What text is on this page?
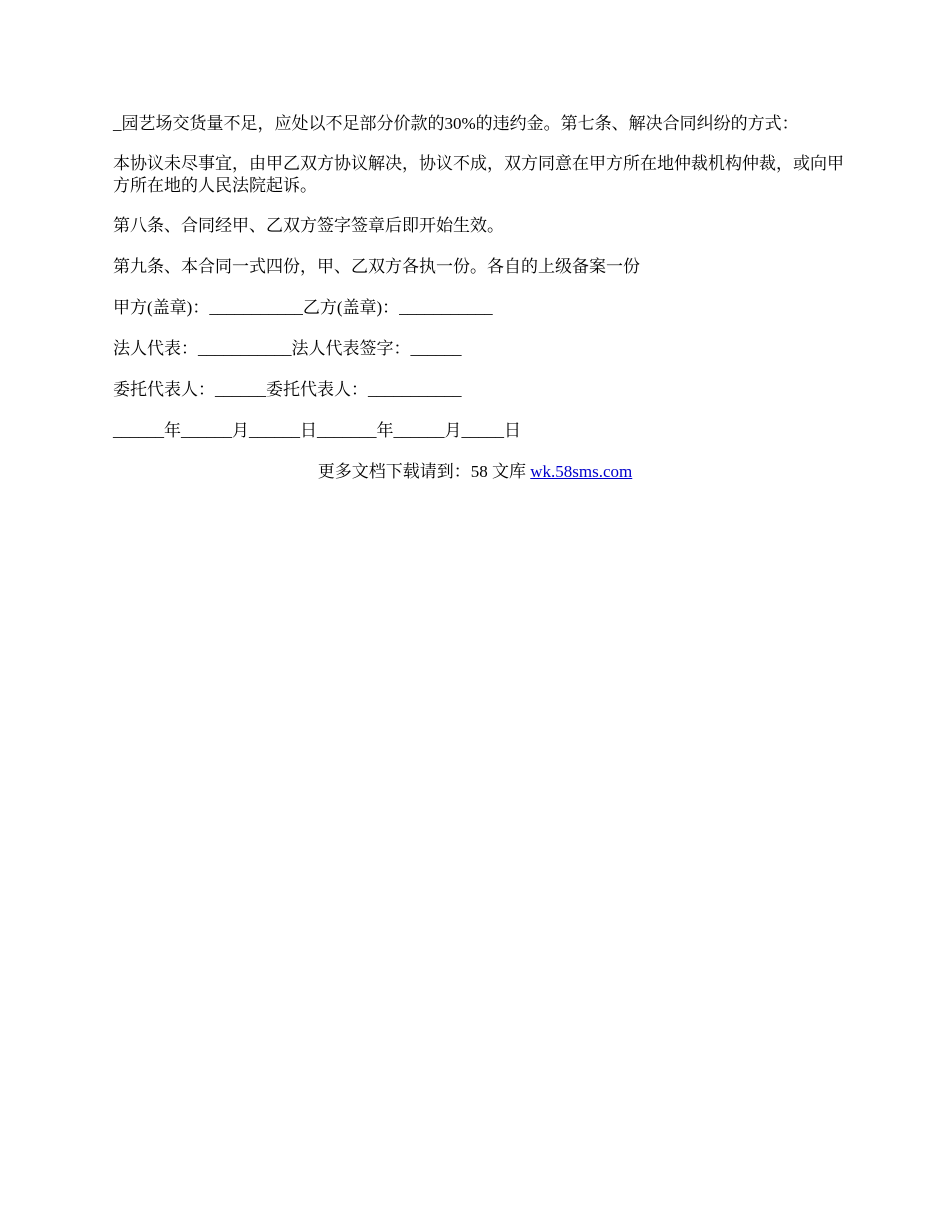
_园艺场交货量不足，应处以不足部分价款的30%的违约金。第七条、解决合同纠纷的方式：

本协议未尽事宜，由甲乙双方协议解决，协议不成，双方同意在甲方所在地仲裁机构仲裁，或向甲方所在地的人民法院起诉。

第八条、合同经甲、乙双方签字签章后即开始生效。

第九条、本合同一式四份，甲、乙双方各执一份。各自的上级备案一份

甲方(盖章)：___________乙方(盖章)：___________

法人代表：___________法人代表签字：______

委托代表人：______委托代表人：___________

______年______月______日_______年______月_____日

更多文档下载请到：58 文库 wk.58sms.com
